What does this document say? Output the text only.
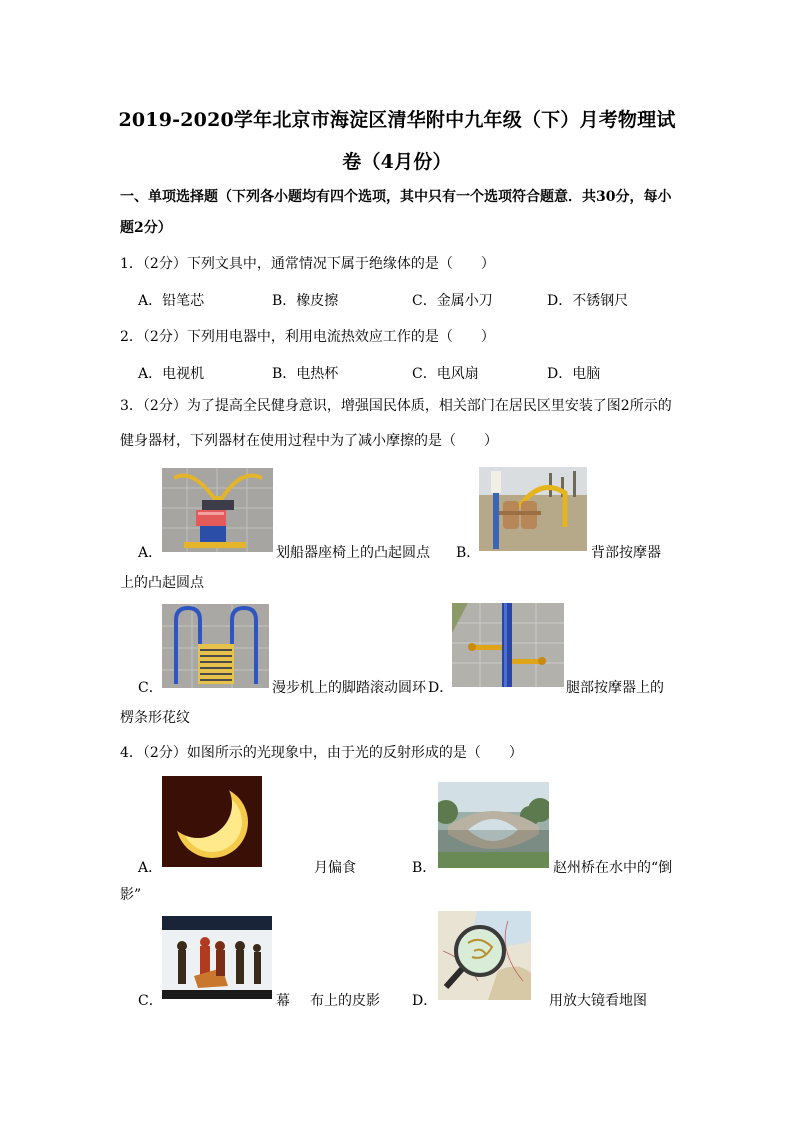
2019-2020学年北京市海淀区清华附中九年级（下）月考物理试
卷（4月份）
一、单项选择题（下列各小题均有四个选项，其中只有一个选项符合题意．共30分，每小
题2分）
1．（2分）下列文具中，通常情况下属于绝缘体的是（　　）
A．铅笔芯	B．橡皮擦	C．金属小刀	D．不锈钢尺
2．（2分）下列用电器中，利用电流热效应工作的是（　　）
A．电视机	B．电热杯	C．电风扇	D．电脑
3．（2分）为了提高全民健身意识，增强国民体质，相关部门在居民区里安装了图2所示的
健身器材，下列器材在使用过程中为了减小摩擦的是（　　）
A．	划船器座椅上的凸起圆点 B．	背部按摩器
上的凸起圆点
C．	漫步机上的脚踏滚动圆环 D．	腿部按摩器上的
楞条形花纹
4．（2分）如图所示的光现象中，由于光的反射形成的是（　　）
A．	月偏食	B．	赵州桥在水中的“倒
影”
C．	幕 布上的皮影 D．	用放大镜看地图
